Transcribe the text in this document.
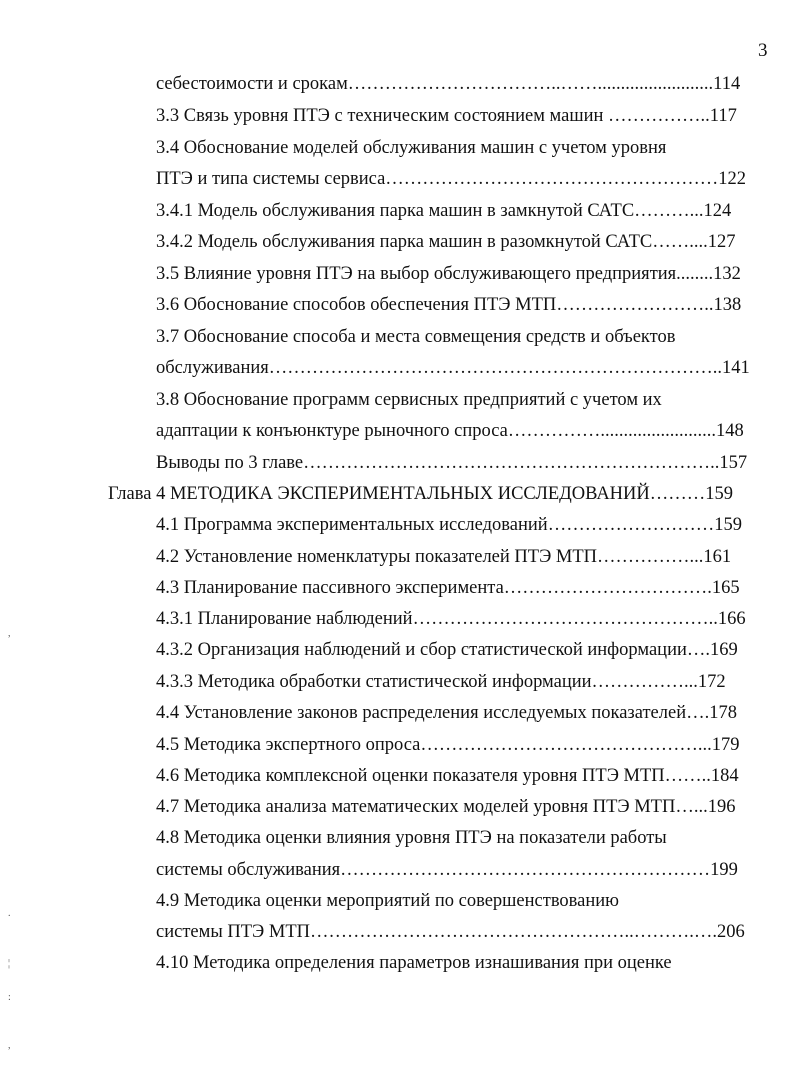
3
себестоимости и срокам……………………………..…….........................114
3.3 Связь уровня ПТЭ с техническим состоянием машин ……………..117
3.4 Обоснование моделей обслуживания машин с учетом уровня
ПТЭ и типа системы сервиса………………………………………………122
3.4.1 Модель обслуживания парка машин в замкнутой САТС………...124
3.4.2 Модель обслуживания парка машин в разомкнутой САТС……....127
3.5 Влияние уровня ПТЭ на выбор обслуживающего предприятия........132
3.6 Обоснование способов обеспечения ПТЭ МТП……………………..138
3.7 Обоснование способа и места совмещения средств и объектов
обслуживания………………………………………………………………..141
3.8 Обоснование программ сервисных предприятий с учетом их
адаптации к конъюнктуре рыночного спроса…………….........................148
Выводы по 3 главе…………………………………………………………..157
Глава 4 МЕТОДИКА ЭКСПЕРИМЕНТАЛЬНЫХ ИССЛЕДОВАНИЙ………159
4.1 Программа экспериментальных исследований………………………159
4.2 Установление номенклатуры показателей ПТЭ МТП……………...161
4.3 Планирование пассивного эксперимента…………………………….165
4.3.1 Планирование наблюдений…………………………………………..166
4.3.2 Организация наблюдений и сбор статистической информации….169
4.3.3 Методика обработки статистической информации……………...172
4.4 Установление законов распределения исследуемых показателей….178
4.5 Методика экспертного опроса………………………………………...179
4.6 Методика комплексной оценки показателя уровня ПТЭ МТП……..184
4.7 Методика анализа математических моделей уровня ПТЭ МТП…...196
4.8 Методика оценки влияния уровня ПТЭ на показатели работы
системы обслуживания……………………………………………………199
4.9 Методика оценки мероприятий по совершенствованию
системы ПТЭ МТП……………………………………………..……….….206
4.10 Методика определения параметров изнашивания при оценке
,
.
¦
:
,
